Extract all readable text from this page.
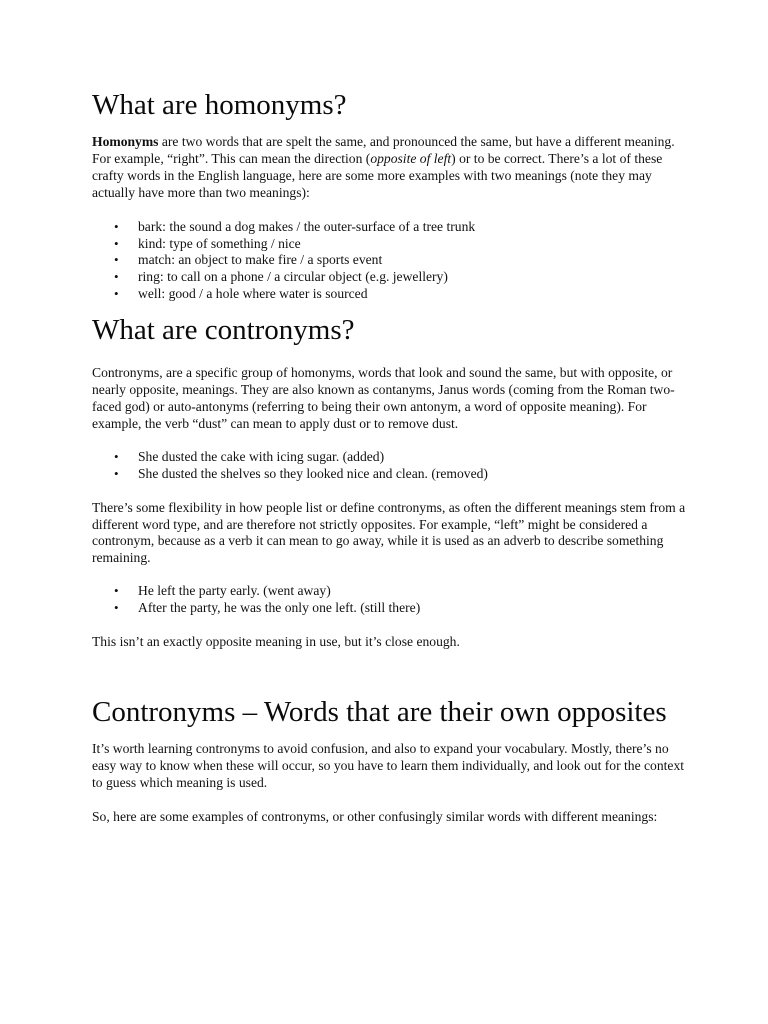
What are homonyms?

Homonyms are two words that are spelt the same, and pronounced the same, but have a different meaning. For example, “right”. This can mean the direction (opposite of left) or to be correct. There’s a lot of these crafty words in the English language, here are some more examples with two meanings (note they may actually have more than two meanings):

• bark: the sound a dog makes / the outer-surface of a tree trunk
• kind: type of something / nice
• match: an object to make fire / a sports event
• ring: to call on a phone / a circular object (e.g. jewellery)
• well: good / a hole where water is sourced
What are contronyms?

Contronyms, are a specific group of homonyms, words that look and sound the same, but with opposite, or nearly opposite, meanings. They are also known as contanyms, Janus words (coming from the Roman two-faced god) or auto-antonyms (referring to being their own antonym, a word of opposite meaning). For example, the verb “dust” can mean to apply dust or to remove dust.

• She dusted the cake with icing sugar. (added)
• She dusted the shelves so they looked nice and clean. (removed)

There’s some flexibility in how people list or define contronyms, as often the different meanings stem from a different word type, and are therefore not strictly opposites. For example, “left” might be considered a contronym, because as a verb it can mean to go away, while it is used as an adverb to describe something remaining.

• He left the party early. (went away)
• After the party, he was the only one left. (still there)

This isn’t an exactly opposite meaning in use, but it’s close enough.

Contronyms – Words that are their own opposites

It’s worth learning contronyms to avoid confusion, and also to expand your vocabulary. Mostly, there’s no easy way to know when these will occur, so you have to learn them individually, and look out for the context to guess which meaning is used.

So, here are some examples of contronyms, or other confusingly similar words with different meanings:
